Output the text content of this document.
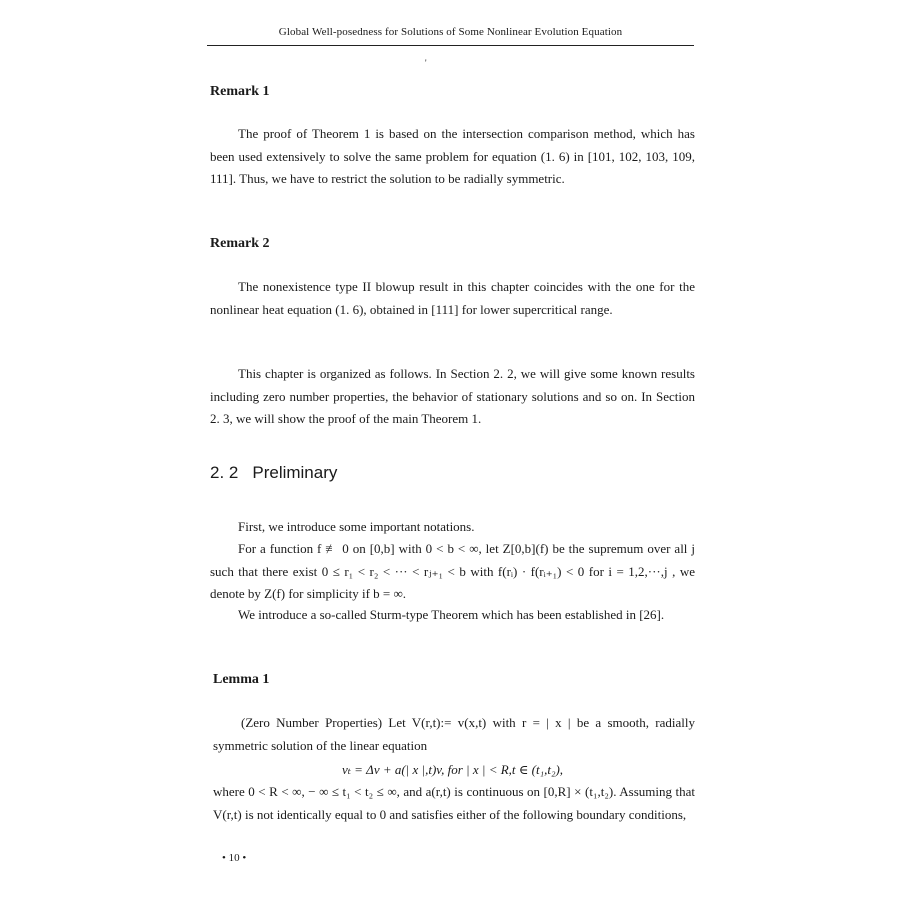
Global Well-posedness for Solutions of Some Nonlinear Evolution Equation
'
Remark 1
The proof of Theorem 1 is based on the intersection comparison method, which has been used extensively to solve the same problem for equation (1. 6) in [101, 102, 103, 109, 111]. Thus, we have to restrict the solution to be radially symmetric.
Remark 2
The nonexistence type II blowup result in this chapter coincides with the one for the nonlinear heat equation (1. 6), obtained in [111] for lower supercritical range.
This chapter is organized as follows. In Section 2. 2, we will give some known results including zero number properties, the behavior of stationary solutions and so on. In Section 2. 3, we will show the proof of the main Theorem 1.
2. 2 Preliminary
First, we introduce some important notations.
For a function f ≢ 0 on [0,b] with 0 < b < ∞, let Z[0,b](f) be the supremum over all j such that there exist 0 ≤ r₁ < r₂ < ··· < rⱼ₊₁ < b with f(rᵢ) · f(rᵢ₊₁) < 0 for i = 1,2,···,j , we denote by Z(f) for simplicity if b = ∞.
We introduce a so-called Sturm-type Theorem which has been established in [26].
Lemma 1
(Zero Number Properties) Let V(r,t):= v(x,t) with r = | x | be a smooth, radially symmetric solution of the linear equation
vₜ = Δv + a(| x |,t)v, for | x | < R,t ∈ (t₁,t₂),
where 0 < R < ∞, − ∞ ≤ t₁ < t₂ ≤ ∞, and a(r,t) is continuous on [0,R] × (t₁,t₂). Assuming that V(r,t) is not identically equal to 0 and satisfies either of the following boundary conditions,
• 10 •
